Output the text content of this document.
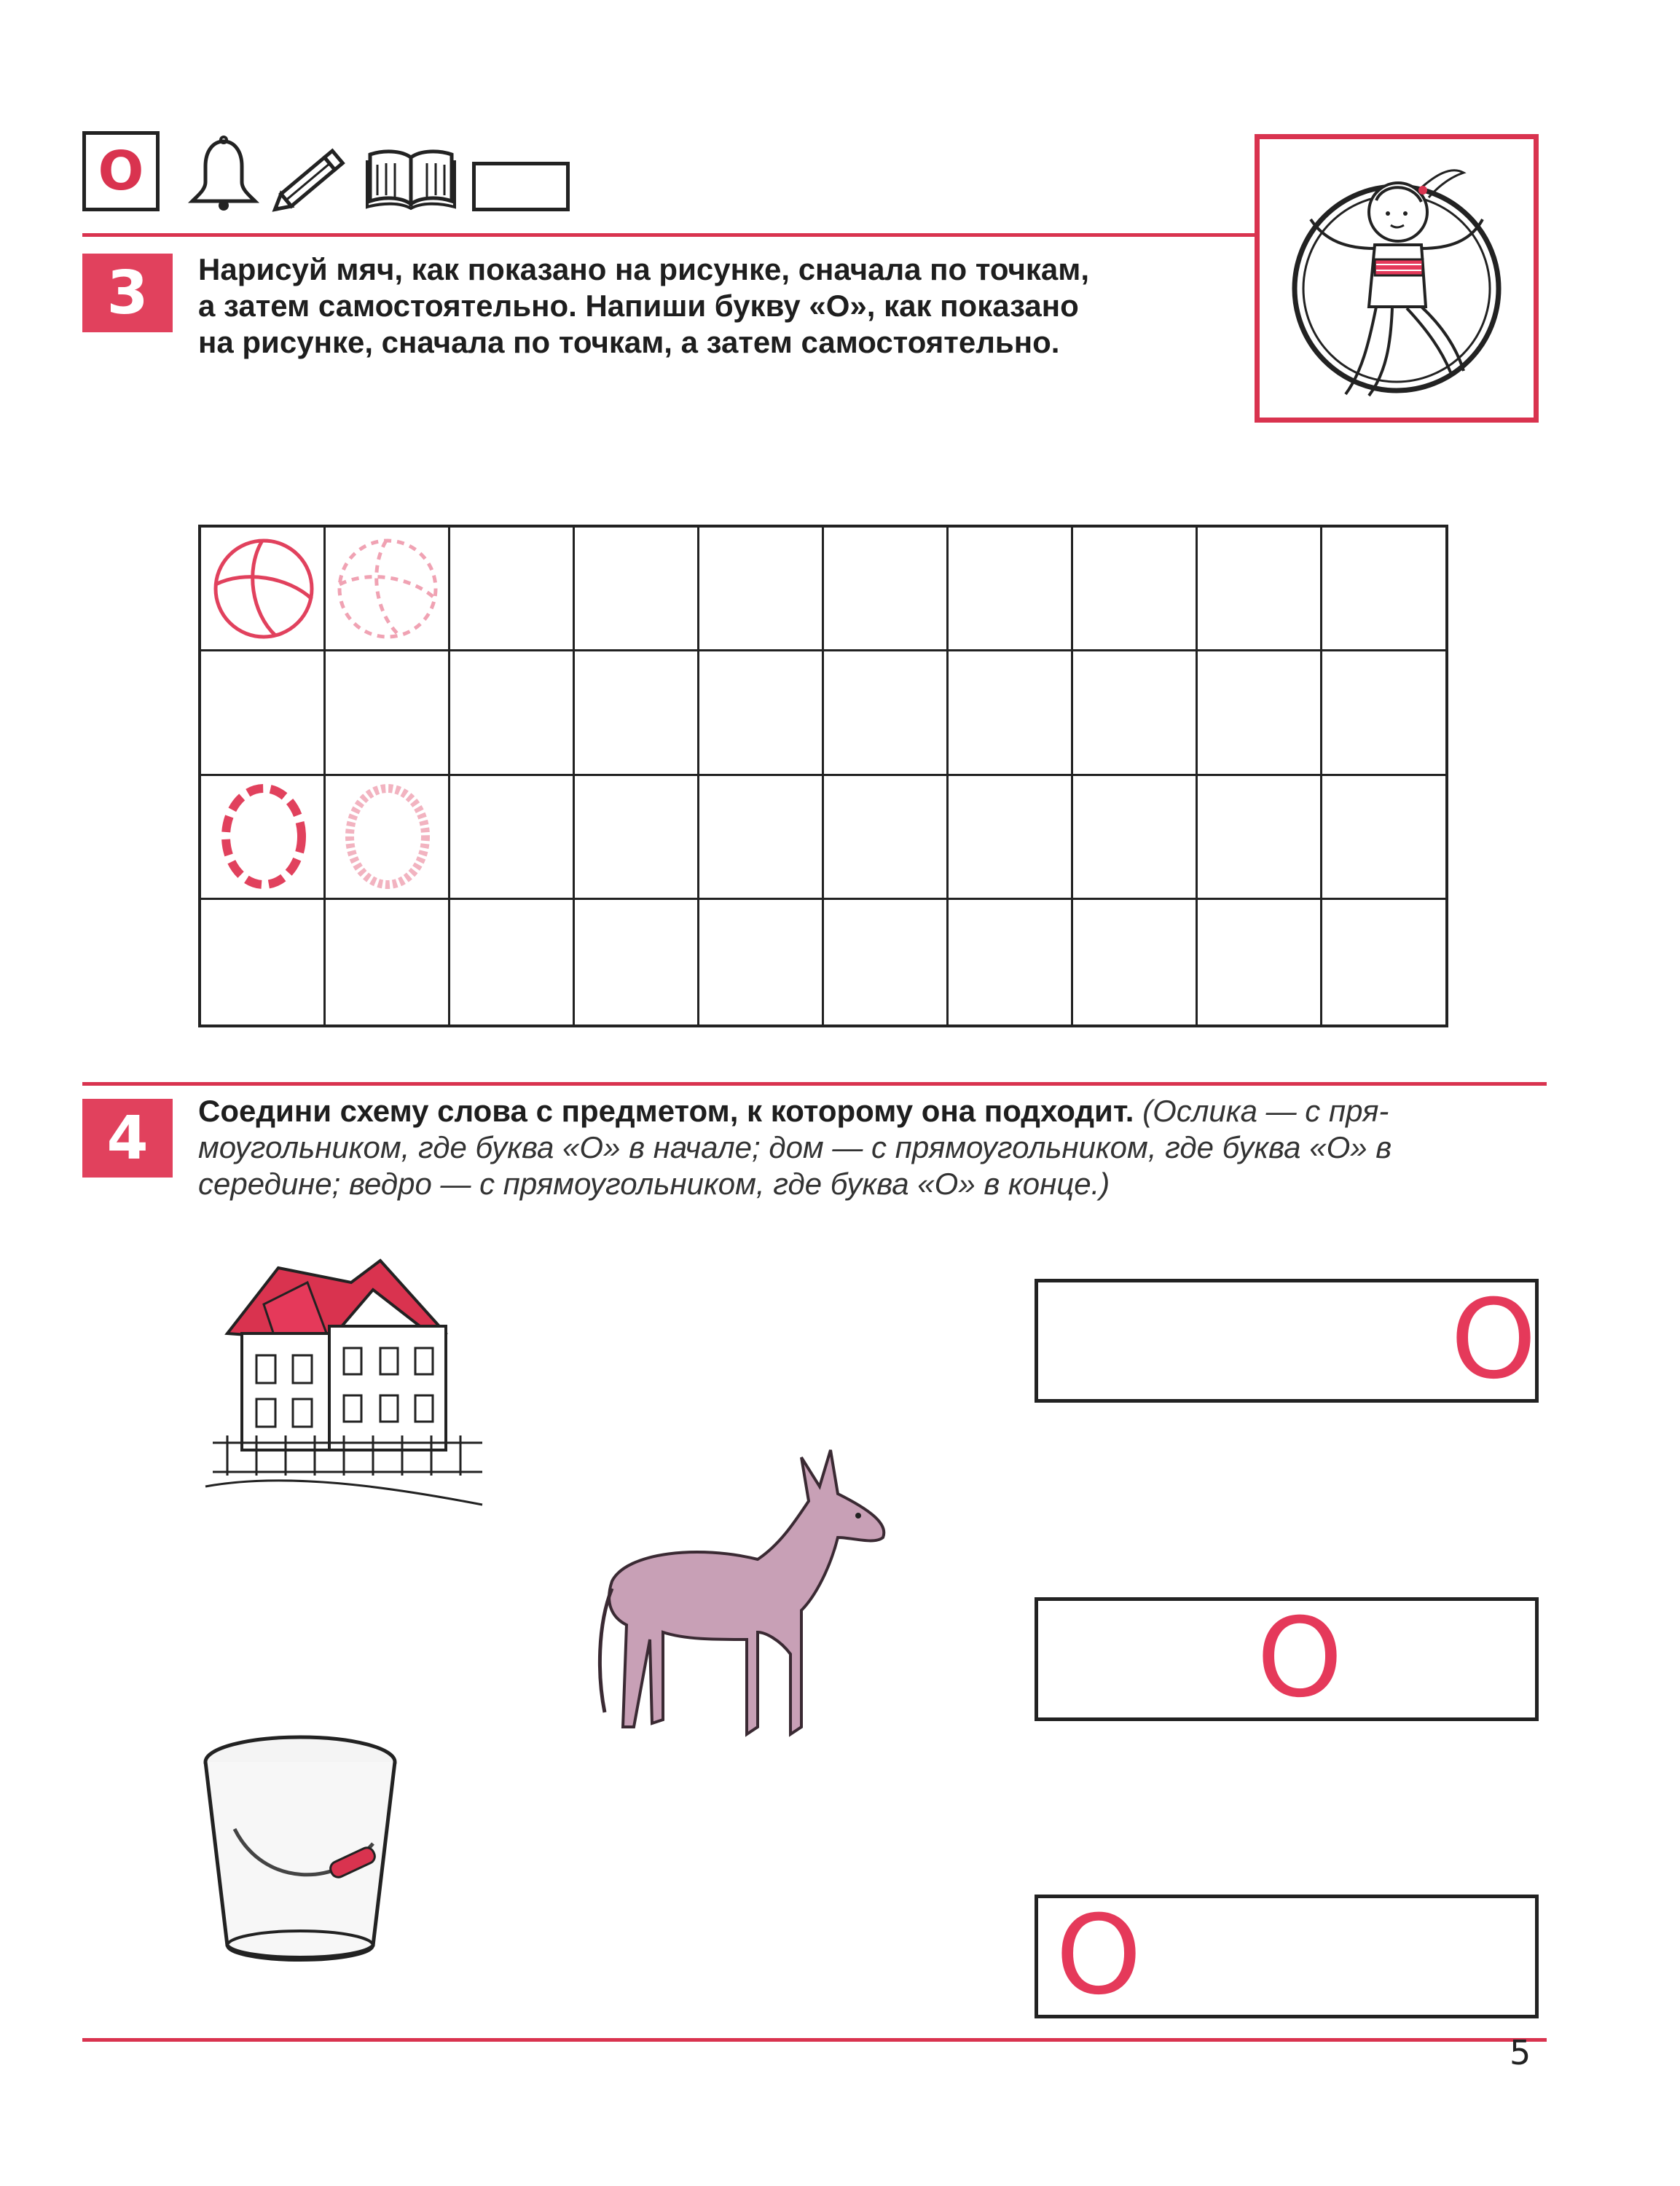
О
3	Нарисуй мяч, как показано на рисунке, сначала по точкам,
а затем самостоятельно. Напиши букву «О», как показано
на рисунке, сначала по точкам, а затем самостоятельно.
4	Соедини схему слова с предметом, к которому она подходит. (Ослика — с пря-
моугольником, где буква «О» в начале; дом — с прямоугольником, где буква «О» в
середине; ведро — с прямоугольником, где буква «О» в конце.)
О
О
О
5
